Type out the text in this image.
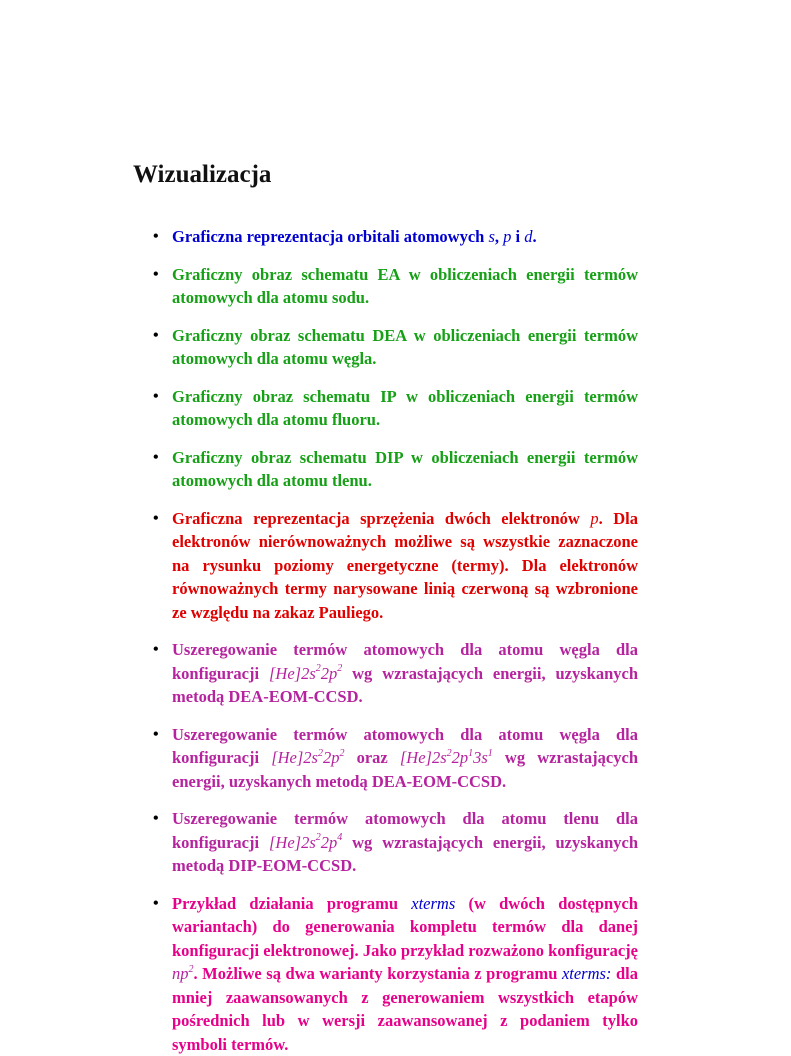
Wizualizacja
• Graficzna reprezentacja orbitali atomowych s, p i d.
• Graficzny obraz schematu EA w obliczeniach energii termów atomowych dla atomu sodu.
• Graficzny obraz schematu DEA w obliczeniach energii termów atomowych dla atomu węgla.
• Graficzny obraz schematu IP w obliczeniach energii termów atomowych dla atomu fluoru.
• Graficzny obraz schematu DIP w obliczeniach energii termów atomowych dla atomu tlenu.
• Graficzna reprezentacja sprzężenia dwóch elektronów p. Dla elektronów nierównoważnych możliwe są wszystkie zaznaczone na rysunku poziomy energetyczne (termy). Dla elektronów równoważnych termy narysowane linią czerwoną są wzbronione ze względu na zakaz Pauliego.
• Uszeregowanie termów atomowych dla atomu węgla dla konfiguracji $[He]2s^22p^2$ wg wzrastających energii, uzyskanych metodą DEA-EOM-CCSD.
• Uszeregowanie termów atomowych dla atomu węgla dla konfiguracji $[He]2s^22p^2$ oraz $[He]2s^22p^13s^1$ wg wzrastających energii, uzyskanych metodą DEA-EOM-CCSD.
• Uszeregowanie termów atomowych dla atomu tlenu dla konfiguracji $[He]2s^22p^4$ wg wzrastających energii, uzyskanych metodą DIP-EOM-CCSD.
• Przykład działania programu xterms (w dwóch dostępnych wariantach) do generowania kompletu termów dla danej konfiguracji elektronowej. Jako przykład rozważono konfigurację $np^2$. Możliwe są dwa warianty korzystania z programu xterms: dla mniej zaawansowanych z generowaniem wszystkich etapów pośrednich lub w wersji zaawansowanej z podaniem tylko symboli termów.
